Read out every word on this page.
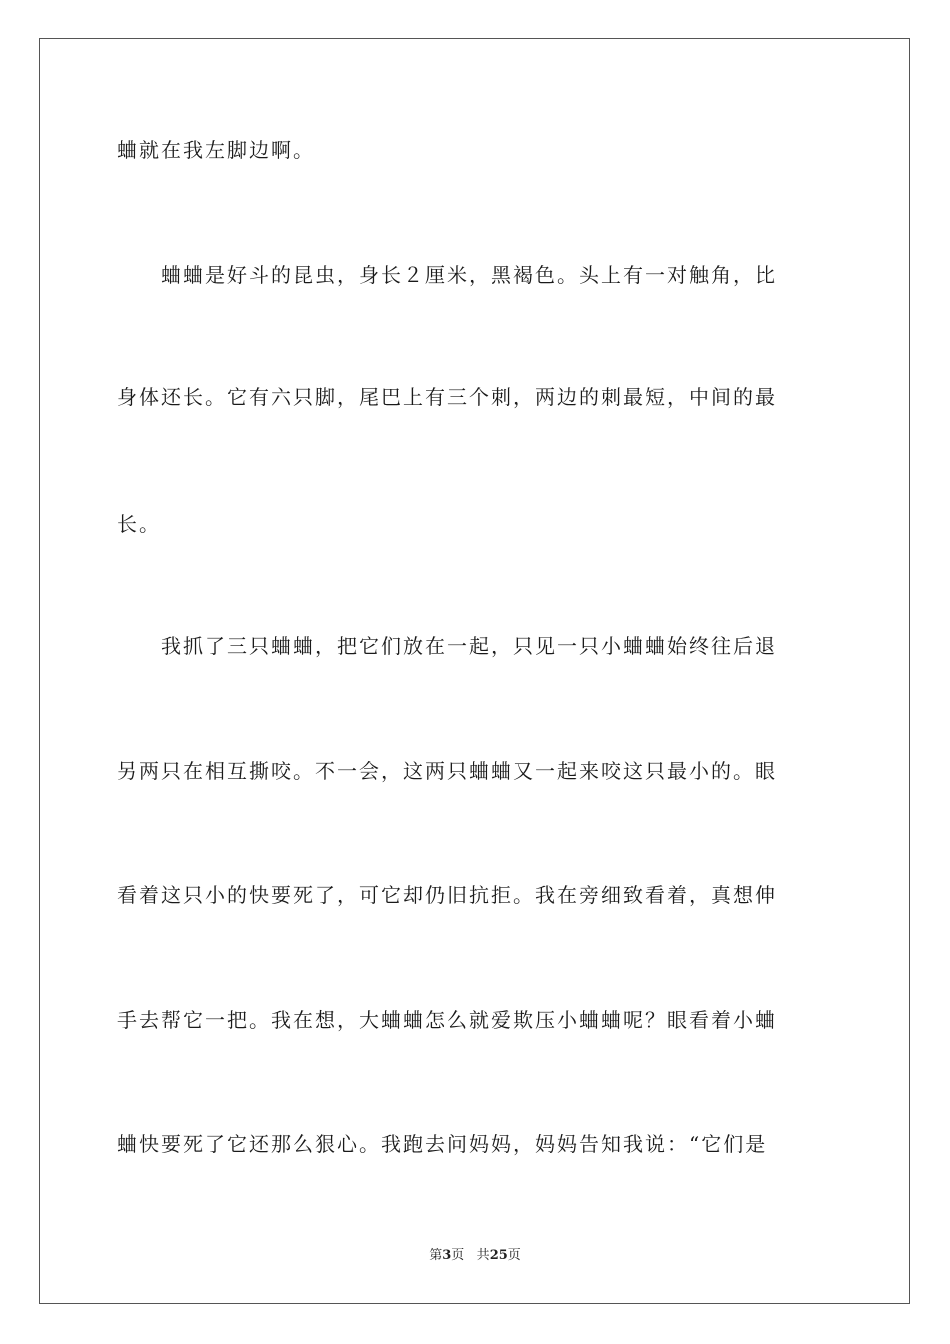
蛐就在我左脚边啊。
　　蛐蛐是好斗的昆虫，身长２厘米，黑褐色。头上有一对触角，比
身体还长。它有六只脚，尾巴上有三个刺，两边的刺最短，中间的最
长。
　　我抓了三只蛐蛐，把它们放在一起，只见一只小蛐蛐始终往后退
另两只在相互撕咬。不一会，这两只蛐蛐又一起来咬这只最小的。眼
看着这只小的快要死了，可它却仍旧抗拒。我在旁细致看着，真想伸
手去帮它一把。我在想，大蛐蛐怎么就爱欺压小蛐蛐呢？眼看着小蛐
蛐快要死了它还那么狠心。我跑去问妈妈，妈妈告知我说：“它们是
第3页 共25页
